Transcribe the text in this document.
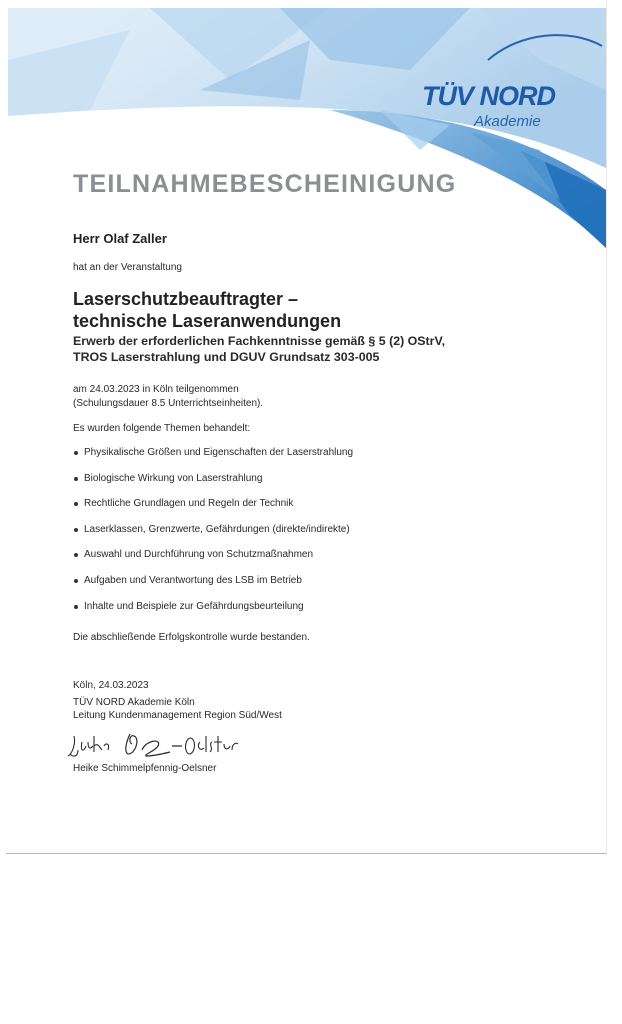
TÜV NORD
Akademie
TEILNAHMEBESCHEINIGUNG
Herr Olaf Zaller
hat an der Veranstaltung
Laserschutzbeauftragter –
technische Laseranwendungen
Erwerb der erforderlichen Fachkenntnisse gemäß § 5 (2) OStrV,
TROS Laserstrahlung und DGUV Grundsatz 303-005
am 24.03.2023 in Köln teilgenommen
(Schulungsdauer 8.5 Unterrichtseinheiten).
Es wurden folgende Themen behandelt:
Physikalische Größen und Eigenschaften der Laserstrahlung
Biologische Wirkung von Laserstrahlung
Rechtliche Grundlagen und Regeln der Technik
Laserklassen, Grenzwerte, Gefährdungen (direkte/indirekte)
Auswahl und Durchführung von Schutzmaßnahmen
Aufgaben und Verantwortung des LSB im Betrieb
Inhalte und Beispiele zur Gefährdungsbeurteilung
Die abschließende Erfolgskontrolle wurde bestanden.
Köln, 24.03.2023
TÜV NORD Akademie Köln
Leitung Kundenmanagement Region Süd/West
Heike Schimmelpfennig-Oelsner
